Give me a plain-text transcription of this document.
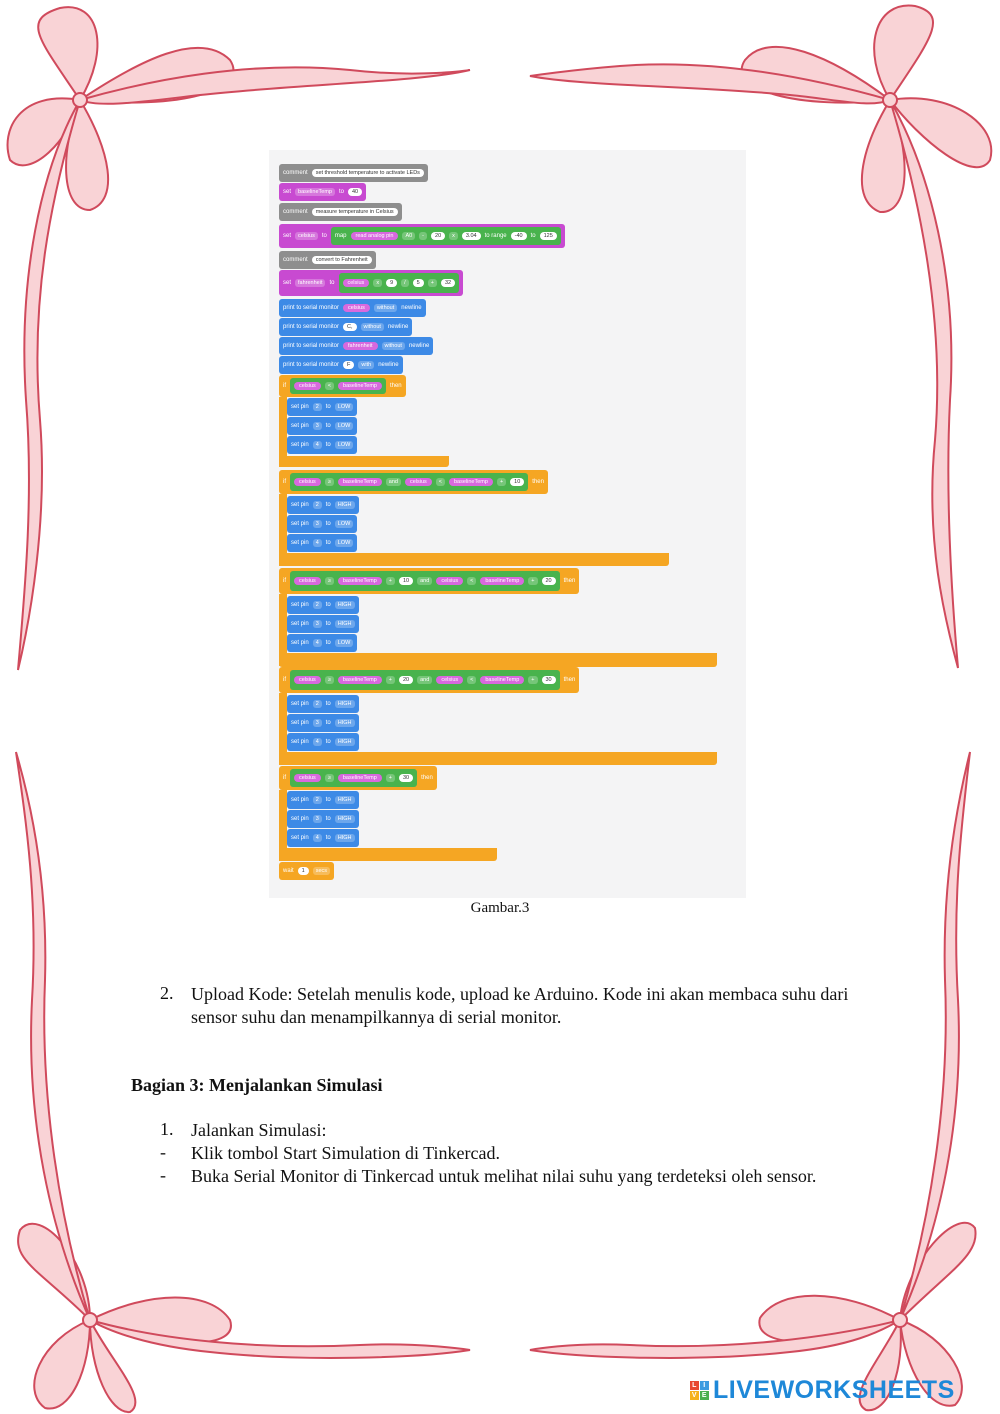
comment	set threshold temperature to activate LEDs
set	baselineTemp	to	40
comment	measure temperature in Celsius
set	celsius	to map	read analog pin	A0	-	20	x	3.04	to range	-40	to	125
comment	convert to Fahrenheit
set	fahrenheit	to	celsius	x	9	/	5	+	32
print to serial monitor	celsius	without	newline
print to serial monitor	C,	without	newline
print to serial monitor	fahrenheit	without	newline
print to serial monitor	F	with	newline
if	celsius	<	baselineTemp	then
set pin	2	to	LOW
set pin	3	to	LOW
set pin	4	to	LOW
if	celsius	≥	baselineTemp	and	celsius	<	baselineTemp	+	10	then
set pin	2	to	HIGH
set pin	3	to	LOW
set pin	4	to	LOW
if	celsius	≥	baselineTemp	+	10	and	celsius	<	baselineTemp	+	20	then
set pin	2	to	HIGH
set pin	3	to	HIGH
set pin	4	to	LOW
if	celsius	≥	baselineTemp	+	20	and	celsius	<	baselineTemp	+	30	then
set pin	2	to	HIGH
set pin	3	to	HIGH
set pin	4	to	HIGH
if	celsius	≥	baselineTemp	+	30	then
set pin	2	to	HIGH
set pin	3	to	HIGH
set pin	4	to	HIGH
wait	1	secs
Gambar.3
2. Upload Kode: Setelah menulis kode, upload ke Arduino. Kode ini akan membaca suhu dari sensor suhu dan menampilkannya di serial monitor.
Bagian 3: Menjalankan Simulasi
1. Jalankan Simulasi:
- Klik tombol Start Simulation di Tinkercad.
- Buka Serial Monitor di Tinkercad untuk melihat nilai suhu yang terdeteksi oleh sensor.
L I
V E LIVEWORKSHEETS
